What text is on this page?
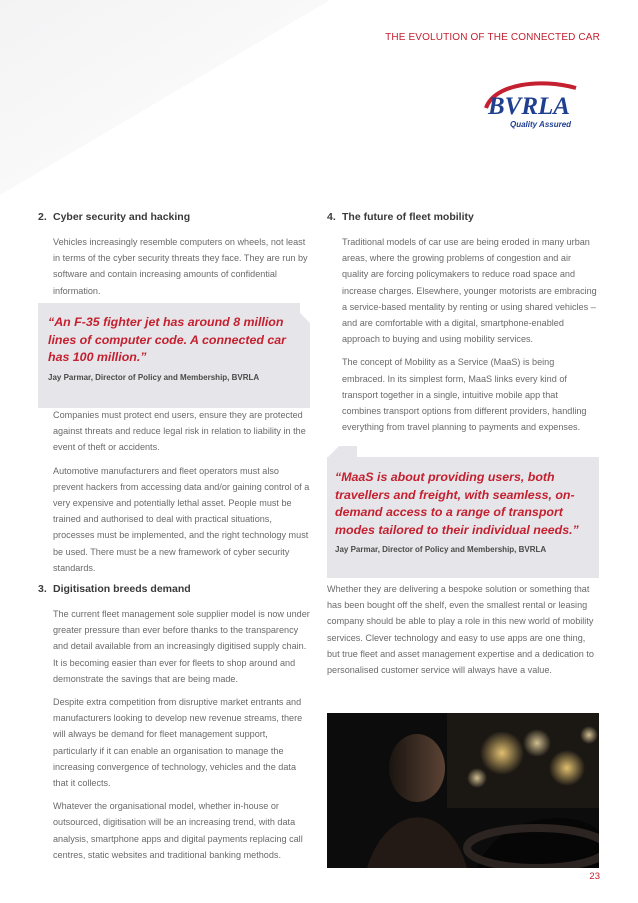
THE EVOLUTION OF THE CONNECTED CAR
BVRLA
Quality Assured
2. Cyber security and hacking

Vehicles increasingly resemble computers on wheels, not least in terms of the cyber security threats they face. They are run by software and contain increasing amounts of confidential information.

“An F-35 fighter jet has around 8 million lines of computer code. A connected car has 100 million.”
Jay Parmar, Director of Policy and Membership, BVRLA

Companies must protect end users, ensure they are protected against threats and reduce legal risk in relation to liability in the event of theft or accidents.

Automotive manufacturers and fleet operators must also prevent hackers from accessing data and/or gaining control of a very expensive and potentially lethal asset. People must be trained and authorised to deal with practical situations, processes must be implemented, and the right technology must be used. There must be a new framework of cyber security standards.

3. Digitisation breeds demand

The current fleet management sole supplier model is now under greater pressure than ever before thanks to the transparency and detail available from an increasingly digitised supply chain. It is becoming easier than ever for fleets to shop around and demonstrate the savings that are being made.

Despite extra competition from disruptive market entrants and manufacturers looking to develop new revenue streams, there will always be demand for fleet management support, particularly if it can enable an organisation to manage the increasing convergence of technology, vehicles and the data that it collects.

Whatever the organisational model, whether in-house or outsourced, digitisation will be an increasing trend, with data analysis, smartphone apps and digital payments replacing call centres, static websites and traditional banking methods.

4. The future of fleet mobility

Traditional models of car use are being eroded in many urban areas, where the growing problems of congestion and air quality are forcing policymakers to reduce road space and increase charges. Elsewhere, younger motorists are embracing a service-based mentality by renting or using shared vehicles – and are comfortable with a digital, smartphone-enabled approach to buying and using mobility services.

The concept of Mobility as a Service (MaaS) is being embraced. In its simplest form, MaaS links every kind of transport together in a single, intuitive mobile app that combines transport options from different providers, handling everything from travel planning to payments and expenses.

“MaaS is about providing users, both travellers and freight, with seamless, on-demand access to a range of transport modes tailored to their individual needs.”
Jay Parmar, Director of Policy and Membership, BVRLA

Whether they are delivering a bespoke solution or something that has been bought off the shelf, even the smallest rental or leasing company should be able to play a role in this new world of mobility services. Clever technology and easy to use apps are one thing, but true fleet and asset management expertise and a dedication to personalised customer service will always have a value.

23
